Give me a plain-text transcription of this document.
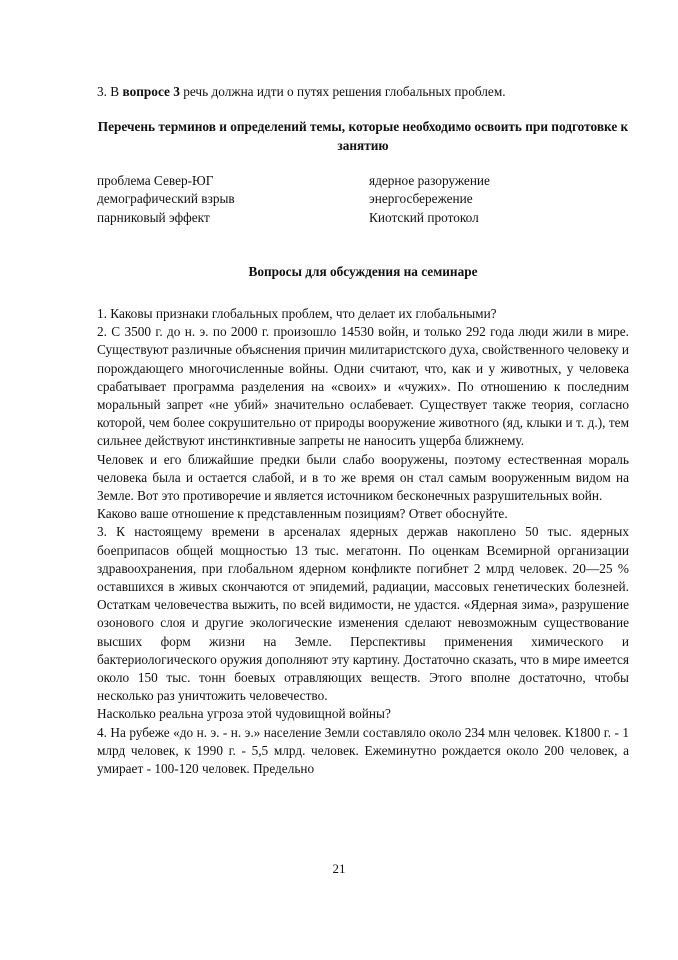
3. В вопросе 3 речь должна идти о путях решения глобальных проблем.

Перечень терминов и определений темы, которые необходимо освоить при подготовке к занятию
проблема Север-ЮГ	ядерное разоружение
демографический взрыв	энергосбережение
парниковый эффект	Киотский протокол
Вопросы для обсуждения на семинаре

1. Каковы признаки глобальных проблем, что делает их глобальными?

2. С 3500 г. до н. э. по 2000 г. произошло 14530 войн, и только 292 года люди жили в мире. Существуют различные объяснения причин милитаристского духа, свойственного человеку и порождающего многочисленные войны. Одни считают, что, как и у животных, у человека срабатывает программа разделения на «своих» и «чужих». По отношению к последним моральный запрет «не убий» значительно ослабевает. Существует также теория, согласно которой, чем более сокрушительно от природы вооружение животного (яд, клыки и т. д.), тем сильнее действуют инстинктивные запреты не наносить ущерба ближнему.

Человек и его ближайшие предки были слабо вооружены, поэтому естественная мораль человека была и остается слабой, и в то же время он стал самым вооруженным видом на Земле. Вот это противоречие и является источником бесконечных разрушительных войн.

Каково ваше отношение к представленным позициям? Ответ обоснуйте.

3. К настоящему времени в арсеналах ядерных держав накоплено 50 тыс. ядерных боеприпасов общей мощностью 13 тыс. мегатонн. По оценкам Всемирной организации здравоохранения, при глобальном ядерном конфликте погибнет 2 млрд человек. 20—25 % оставшихся в живых скончаются от эпидемий, радиации, массовых генетических болезней. Остаткам человечества выжить, по всей видимости, не удастся. «Ядерная зима», разрушение озонового слоя и другие экологические изменения сделают невозможным существование высших форм жизни на Земле. Перспективы применения химического и бактериологического оружия дополняют эту картину. Достаточно сказать, что в мире имеется около 150 тыс. тонн боевых отравляющих веществ. Этого вполне достаточно, чтобы несколько раз уничтожить человечество.

Насколько реальна угроза этой чудовищной войны?

4. На рубеже «до н. э. - н. э.» население Земли составляло около 234 млн человек. К1800 г. - 1 млрд человек, к 1990 г. - 5,5 млрд. человек. Ежеминутно рождается около 200 человек, а умирает - 100-120 человек. Предельно

21
